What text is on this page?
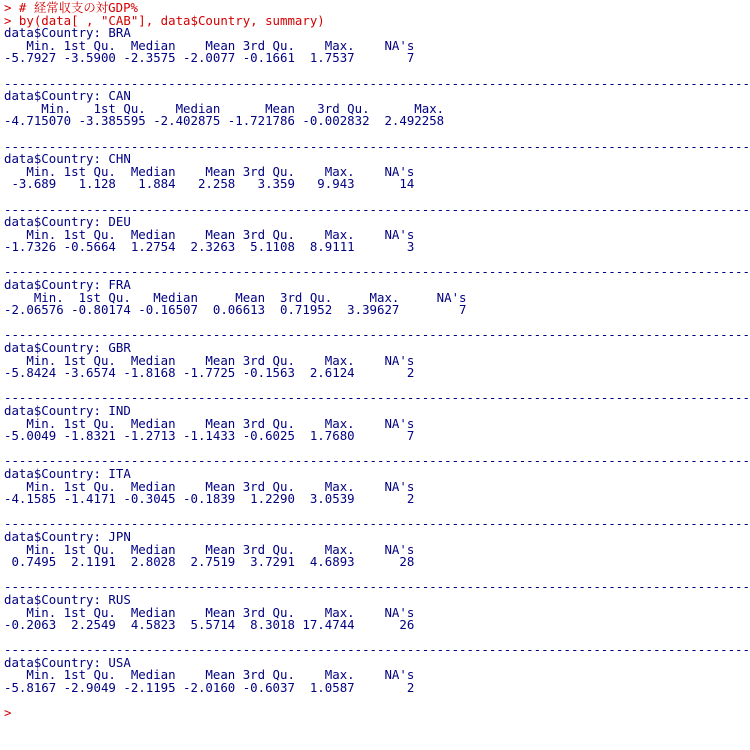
> # 経常収支の対GDP%
> by(data[ , "CAB"], data$Country, summary)
data$Country: BRA
Min. 1st Qu.  Median    Mean 3rd Qu.    Max.    NA's
-5.7927 -3.5900 -2.3575 -2.0077 -0.1661  1.7537       7

----------------------------------------------------------------------------------------------------
data$Country: CAN
Min.   1st Qu.    Median      Mean   3rd Qu.      Max.
-4.715070 -3.385595 -2.402875 -1.721786 -0.002832  2.492258

----------------------------------------------------------------------------------------------------
data$Country: CHN
Min. 1st Qu.  Median    Mean 3rd Qu.    Max.    NA's
-3.689   1.128   1.884   2.258   3.359   9.943      14

----------------------------------------------------------------------------------------------------
data$Country: DEU
Min. 1st Qu.  Median    Mean 3rd Qu.    Max.    NA's
-1.7326 -0.5664  1.2754  2.3263  5.1108  8.9111       3

----------------------------------------------------------------------------------------------------
data$Country: FRA
Min.  1st Qu.   Median     Mean  3rd Qu.     Max.     NA's
-2.06576 -0.80174 -0.16507  0.06613  0.71952  3.39627        7

----------------------------------------------------------------------------------------------------
data$Country: GBR
Min. 1st Qu.  Median    Mean 3rd Qu.    Max.    NA's
-5.8424 -3.6574 -1.8168 -1.7725 -0.1563  2.6124       2

----------------------------------------------------------------------------------------------------
data$Country: IND
Min. 1st Qu.  Median    Mean 3rd Qu.    Max.    NA's
-5.0049 -1.8321 -1.2713 -1.1433 -0.6025  1.7680       7

----------------------------------------------------------------------------------------------------
data$Country: ITA
Min. 1st Qu.  Median    Mean 3rd Qu.    Max.    NA's
-4.1585 -1.4171 -0.3045 -0.1839  1.2290  3.0539       2

----------------------------------------------------------------------------------------------------
data$Country: JPN
Min. 1st Qu.  Median    Mean 3rd Qu.    Max.    NA's
0.7495  2.1191  2.8028  2.7519  3.7291  4.6893      28

----------------------------------------------------------------------------------------------------
data$Country: RUS
Min. 1st Qu.  Median    Mean 3rd Qu.    Max.    NA's
-0.2063  2.2549  4.5823  5.5714  8.3018 17.4744      26

----------------------------------------------------------------------------------------------------
data$Country: USA
Min. 1st Qu.  Median    Mean 3rd Qu.    Max.    NA's
-5.8167 -2.9049 -2.1195 -2.0160 -0.6037  1.0587       2

>
